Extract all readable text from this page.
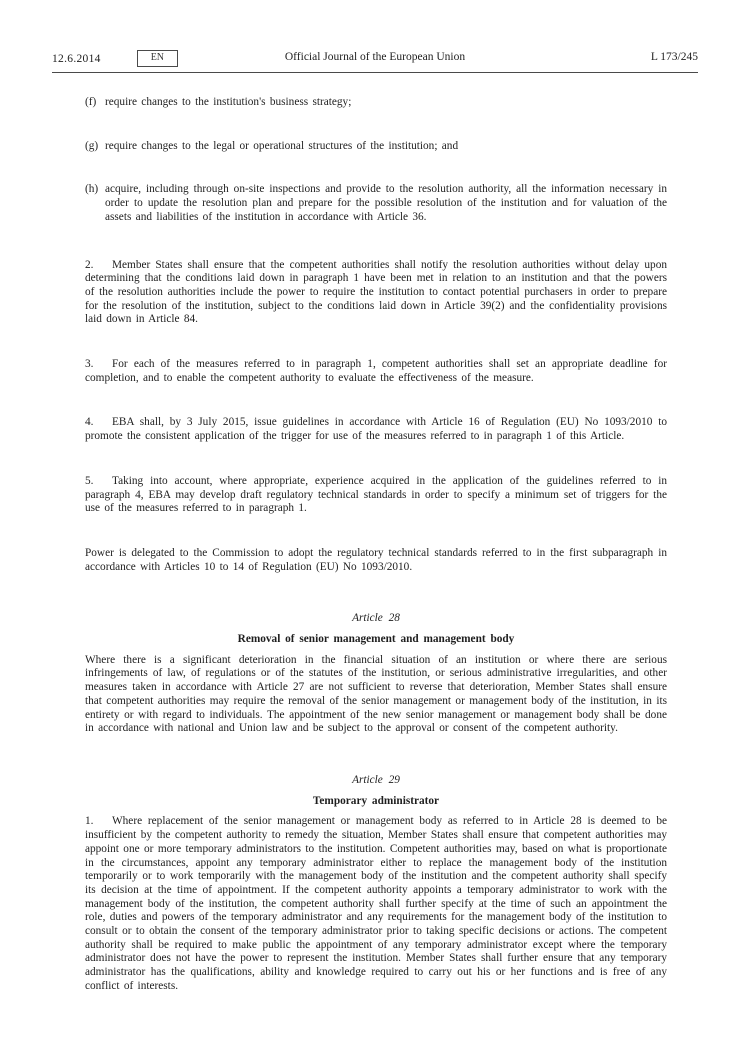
12.6.2014	EN	Official Journal of the European Union	L 173/245

(f) require changes to the institution's business strategy;

(g) require changes to the legal or operational structures of the institution; and

(h) acquire, including through on-site inspections and provide to the resolution authority, all the information necessary in order to update the resolution plan and prepare for the possible resolution of the institution and for valuation of the assets and liabilities of the institution in accordance with Article 36.

2. Member States shall ensure that the competent authorities shall notify the resolution authorities without delay upon determining that the conditions laid down in paragraph 1 have been met in relation to an institution and that the powers of the resolution authorities include the power to require the institution to contact potential purchasers in order to prepare for the resolution of the institution, subject to the conditions laid down in Article 39(2) and the confidentiality provisions laid down in Article 84.

3. For each of the measures referred to in paragraph 1, competent authorities shall set an appropriate deadline for completion, and to enable the competent authority to evaluate the effectiveness of the measure.

4. EBA shall, by 3 July 2015, issue guidelines in accordance with Article 16 of Regulation (EU) No 1093/2010 to promote the consistent application of the trigger for use of the measures referred to in paragraph 1 of this Article.

5. Taking into account, where appropriate, experience acquired in the application of the guidelines referred to in paragraph 4, EBA may develop draft regulatory technical standards in order to specify a minimum set of triggers for the use of the measures referred to in paragraph 1.

Power is delegated to the Commission to adopt the regulatory technical standards referred to in the first subparagraph in accordance with Articles 10 to 14 of Regulation (EU) No 1093/2010.

Article 28

Removal of senior management and management body

Where there is a significant deterioration in the financial situation of an institution or where there are serious infringements of law, of regulations or of the statutes of the institution, or serious administrative irregularities, and other measures taken in accordance with Article 27 are not sufficient to reverse that deterioration, Member States shall ensure that competent authorities may require the removal of the senior management or management body of the institution, in its entirety or with regard to individuals. The appointment of the new senior management or management body shall be done in accordance with national and Union law and be subject to the approval or consent of the competent authority.

Article 29

Temporary administrator

1. Where replacement of the senior management or management body as referred to in Article 28 is deemed to be insufficient by the competent authority to remedy the situation, Member States shall ensure that competent authorities may appoint one or more temporary administrators to the institution. Competent authorities may, based on what is proportionate in the circumstances, appoint any temporary administrator either to replace the management body of the institution temporarily or to work temporarily with the management body of the institution and the competent authority shall specify its decision at the time of appointment. If the competent authority appoints a temporary administrator to work with the management body of the institution, the competent authority shall further specify at the time of such an appointment the role, duties and powers of the temporary administrator and any requirements for the management body of the institution to consult or to obtain the consent of the temporary administrator prior to taking specific decisions or actions. The competent authority shall be required to make public the appointment of any temporary administrator except where the temporary administrator does not have the power to represent the institution. Member States shall further ensure that any temporary administrator has the qualifications, ability and knowledge required to carry out his or her functions and is free of any conflict of interests.
